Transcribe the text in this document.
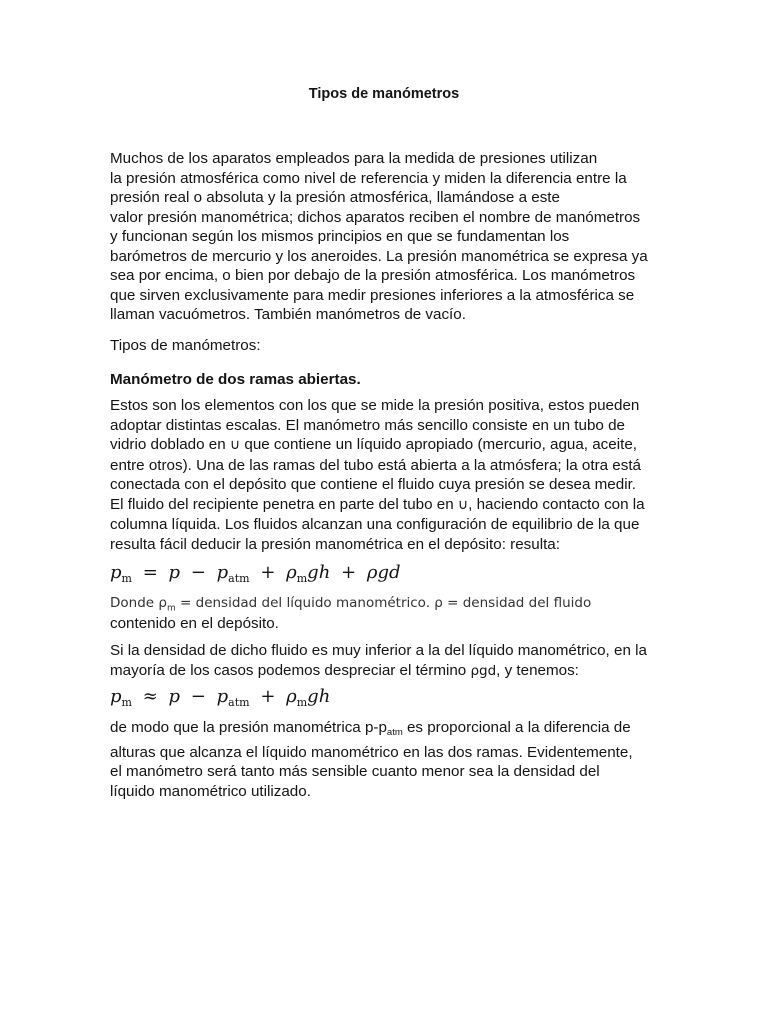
Tipos de manómetros
Muchos de los aparatos empleados para la medida de presiones utilizan
la presión atmosférica como nivel de referencia y miden la diferencia entre la
presión real o absoluta y la presión atmosférica, llamándose a este
valor presión manométrica; dichos aparatos reciben el nombre de manómetros
y funcionan según los mismos principios en que se fundamentan los
barómetros de mercurio y los aneroides. La presión manométrica se expresa ya
sea por encima, o bien por debajo de la presión atmosférica. Los manómetros
que sirven exclusivamente para medir presiones inferiores a la atmosférica se
llaman vacuómetros. También manómetros de vacío.
Tipos de manómetros:
Manómetro de dos ramas abiertas.
Estos son los elementos con los que se mide la presión positiva, estos pueden
adoptar distintas escalas. El manómetro más sencillo consiste en un tubo de
vidrio doblado en ∪ que contiene un líquido apropiado (mercurio, agua, aceite,
entre otros). Una de las ramas del tubo está abierta a la atmósfera; la otra está
conectada con el depósito que contiene el fluido cuya presión se desea medir.
El fluido del recipiente penetra en parte del tubo en ∪, haciendo contacto con la
columna líquida. Los fluidos alcanzan una configuración de equilibrio de la que
resulta fácil deducir la presión manométrica en el depósito: resulta:
$p_m = p - p_{atm} + \rho_mgh + \rho gd$
Donde $\rho_m$ = densidad del líquido manométrico. ρ = densidad del fluido
contenido en el depósito.
Si la densidad de dicho fluido es muy inferior a la del líquido manométrico, en la
mayoría de los casos podemos despreciar el término ρgd, y tenemos:
$p_m \approx p - p_{atm} + \rho_mgh$
de modo que la presión manométrica p-patm es proporcional a la diferencia de
alturas que alcanza el líquido manométrico en las dos ramas. Evidentemente,
el manómetro será tanto más sensible cuanto menor sea la densidad del
líquido manométrico utilizado.
